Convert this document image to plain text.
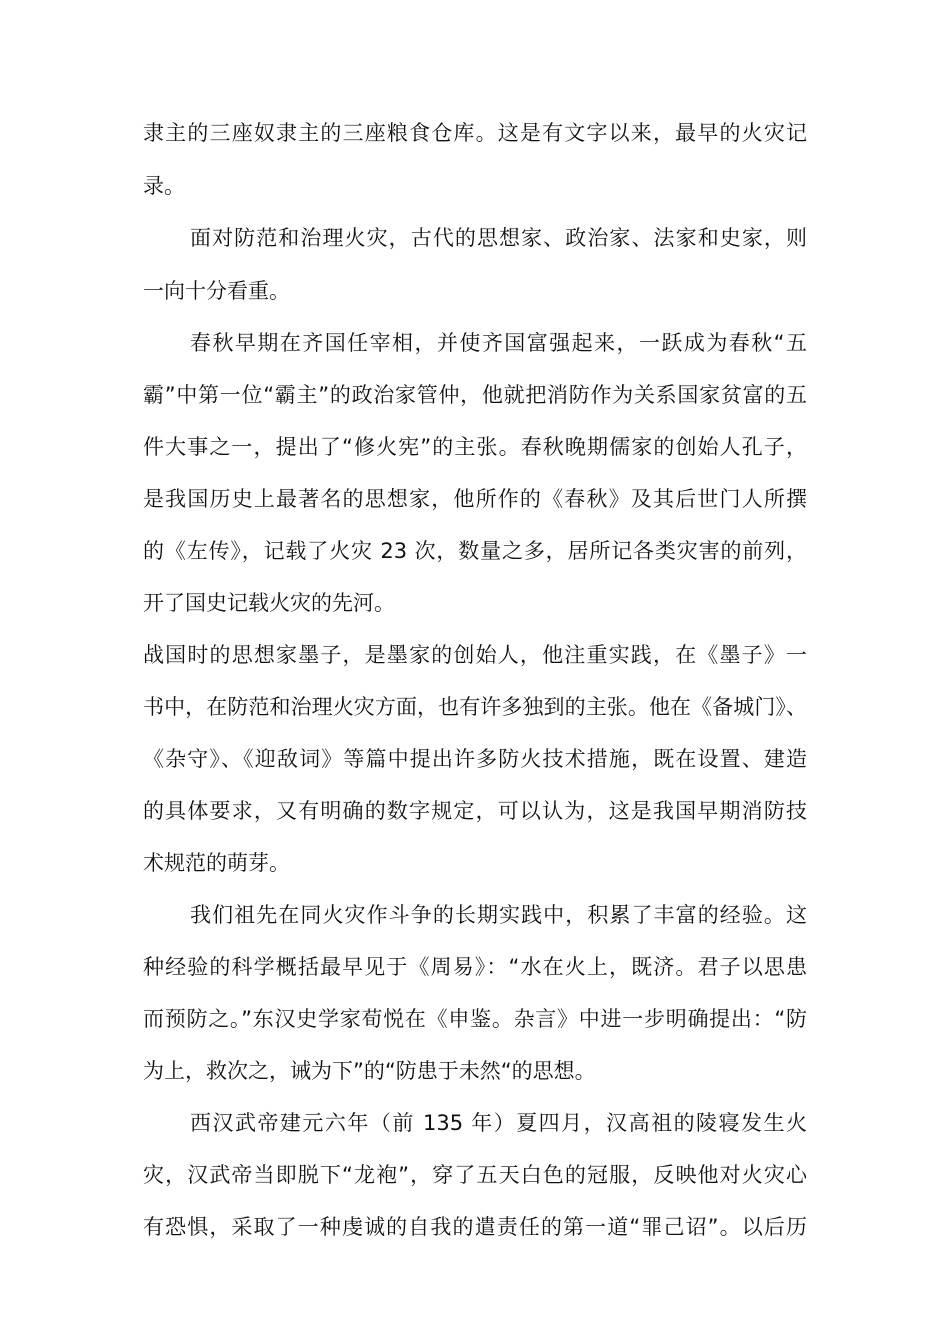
隶主的三座奴隶主的三座粮食仓库。这是有文字以来，最早的火灾记

录。

面对防范和治理火灾，古代的思想家、政治家、法家和史家，则

一向十分看重。

春秋早期在齐国任宰相，并使齐国富强起来，一跃成为春秋“五

霸”中第一位“霸主”的政治家管仲，他就把消防作为关系国家贫富的五

件大事之一，提出了“修火宪”的主张。春秋晚期儒家的创始人孔子，

是我国历史上最著名的思想家，他所作的《春秋》及其后世门人所撰

的《左传》，记载了火灾 23 次，数量之多，居所记各类灾害的前列，

开了国史记载火灾的先河。

战国时的思想家墨子，是墨家的创始人，他注重实践，在《墨子》一

书中，在防范和治理火灾方面，也有许多独到的主张。他在《备城门》、

《杂守》、《迎敌词》等篇中提出许多防火技术措施，既在设置、建造

的具体要求，又有明确的数字规定，可以认为，这是我国早期消防技

术规范的萌芽。

我们祖先在同火灾作斗争的长期实践中，积累了丰富的经验。这

种经验的科学概括最早见于《周易》：“水在火上，既济。君子以思患

而预防之。”东汉史学家荀悦在《申鉴。杂言》中进一步明确提出：“防

为上，救次之，诫为下”的“防患于未然“的思想。

西汉武帝建元六年（前 135 年）夏四月，汉高祖的陵寝发生火

灾，汉武帝当即脱下“龙袍”，穿了五天白色的冠服，反映他对火灾心

有恐惧，采取了一种虔诚的自我的遣责任的第一道“罪己诏”。以后历
